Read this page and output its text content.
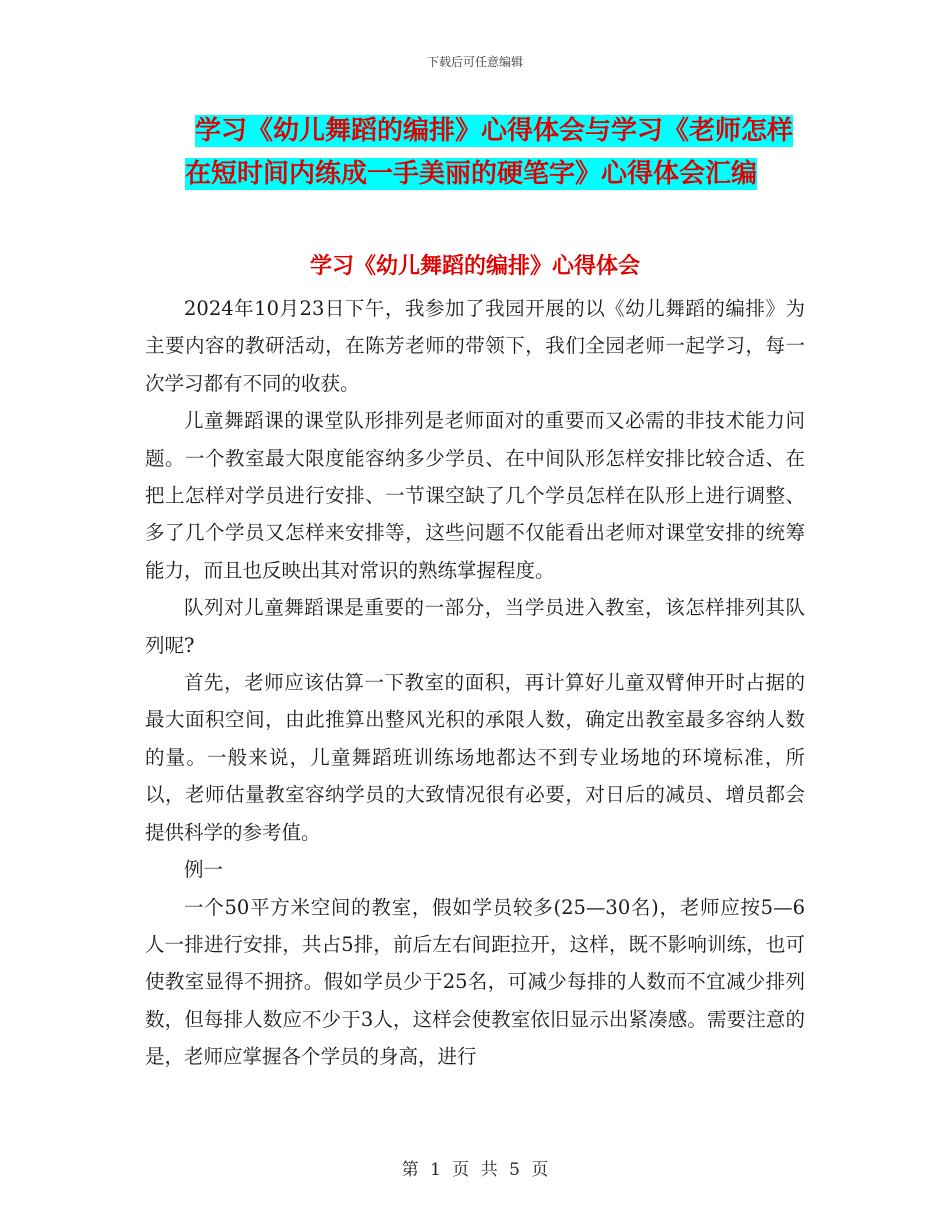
下载后可任意编辑
学习《幼儿舞蹈的编排》心得体会与学习《老师怎样
在短时间内练成一手美丽的硬笔字》心得体会汇编
学习《幼儿舞蹈的编排》心得体会

2024年10月23日下午，我参加了我园开展的以《幼儿舞蹈的编排》为主要内容的教研活动，在陈芳老师的带领下，我们全园老师一起学习，每一次学习都有不同的收获。

儿童舞蹈课的课堂队形排列是老师面对的重要而又必需的非技术能力问题。一个教室最大限度能容纳多少学员、在中间队形怎样安排比较合适、在把上怎样对学员进行安排、一节课空缺了几个学员怎样在队形上进行调整、多了几个学员又怎样来安排等，这些问题不仅能看出老师对课堂安排的统筹能力，而且也反映出其对常识的熟练掌握程度。

队列对儿童舞蹈课是重要的一部分，当学员进入教室，该怎样排列其队列呢?

首先，老师应该估算一下教室的面积，再计算好儿童双臂伸开时占据的最大面积空间，由此推算出整风光积的承限人数，确定出教室最多容纳人数的量。一般来说，儿童舞蹈班训练场地都达不到专业场地的环境标准，所以，老师估量教室容纳学员的大致情况很有必要，对日后的减员、增员都会提供科学的参考值。

例一

一个50平方米空间的教室，假如学员较多(25—30名)，老师应按5—6人一排进行安排，共占5排，前后左右间距拉开，这样，既不影响训练，也可使教室显得不拥挤。假如学员少于25名，可减少每排的人数而不宜减少排列数，但每排人数应不少于3人，这样会使教室依旧显示出紧凑感。需要注意的是，老师应掌握各个学员的身高，进行

第 1 页 共 5 页
